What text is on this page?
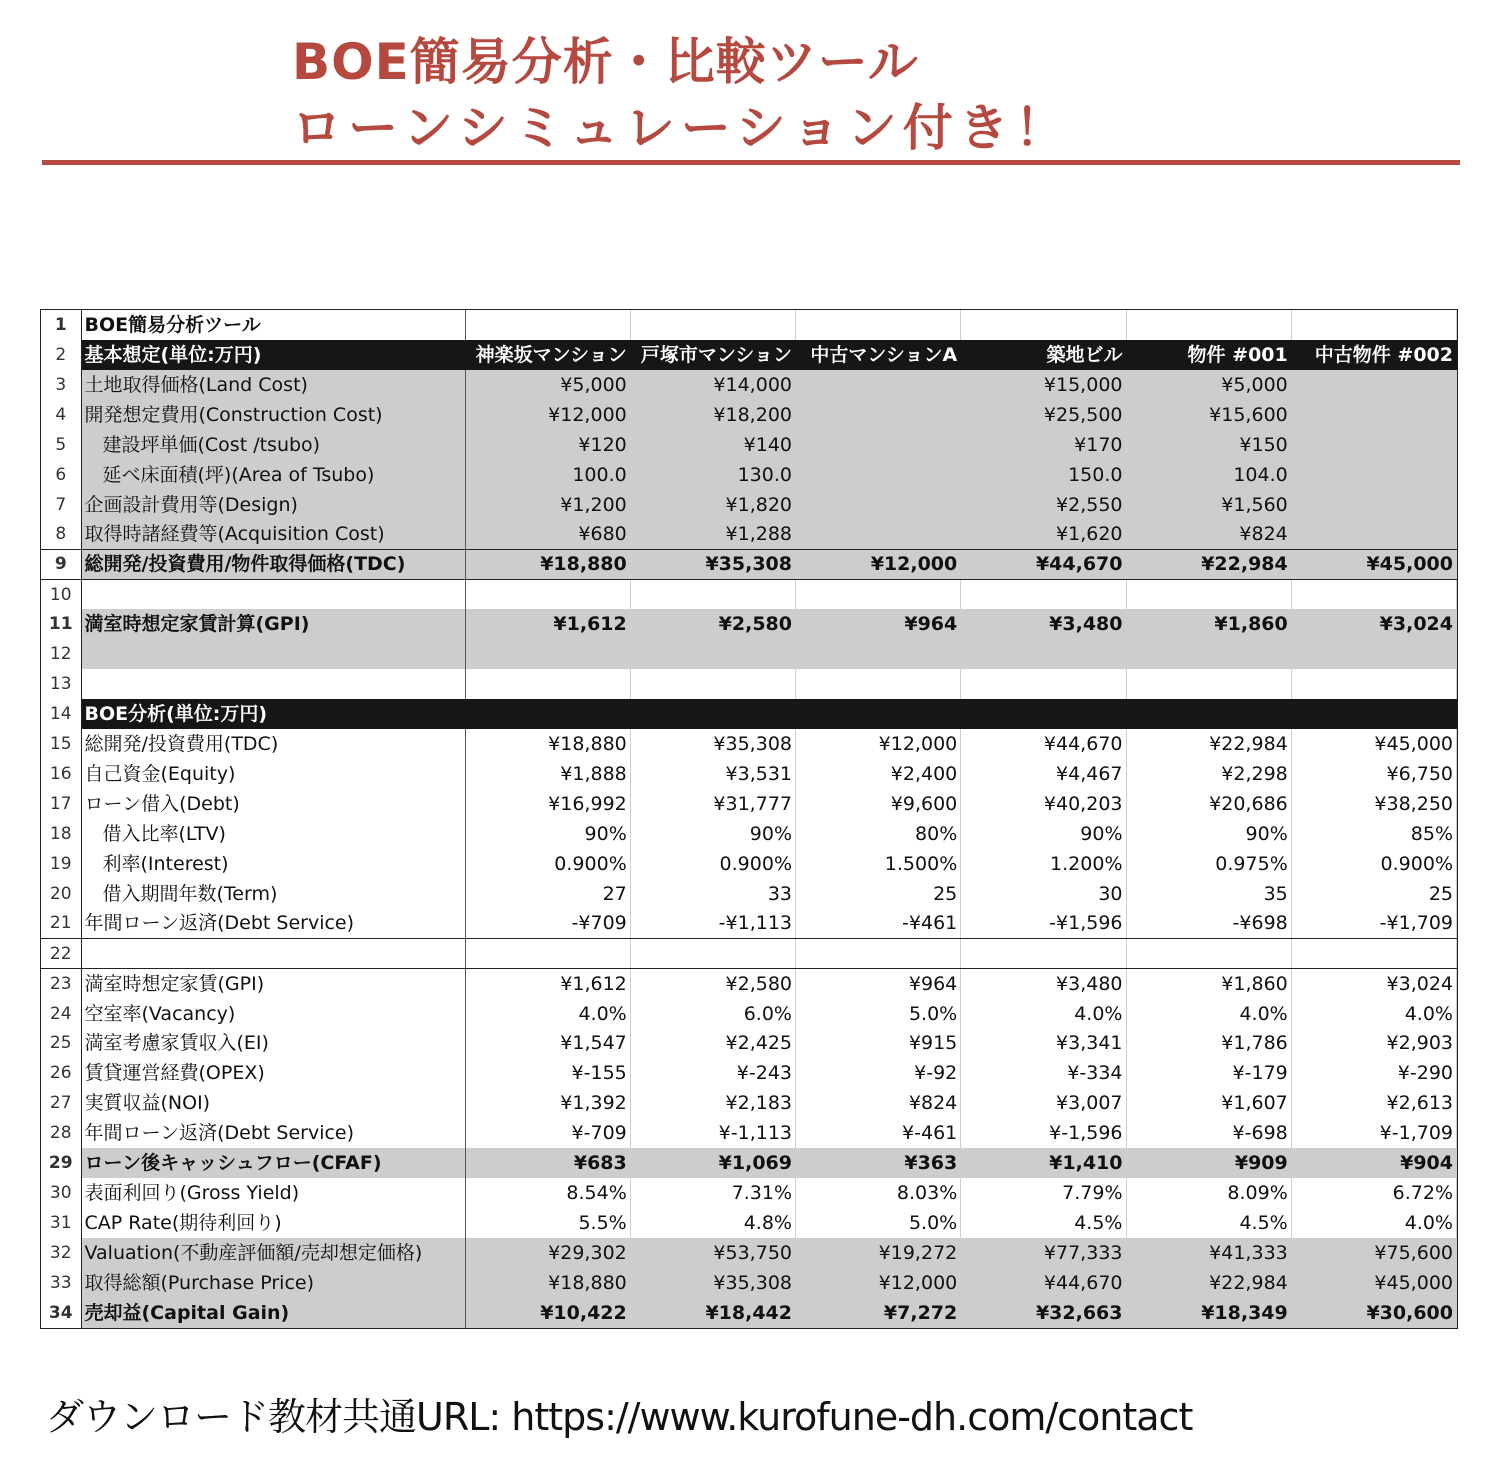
BOE簡易分析・比較ツール
ローンシミュレーション付き！
1	BOE簡易分析ツール						
2	基本想定(単位:万円)	神楽坂マンション	戸塚市マンション	中古マンションA	築地ビル	物件 #001	中古物件 #002
3	土地取得価格(Land Cost)	¥5,000	¥14,000		¥15,000	¥5,000	
4	開発想定費用(Construction Cost)	¥12,000	¥18,200		¥25,500	¥15,600	
5	建設坪単価(Cost /tsubo)	¥120	¥140		¥170	¥150	
6	延べ床面積(坪)(Area of Tsubo)	100.0	130.0		150.0	104.0	
7	企画設計費用等(Design)	¥1,200	¥1,820		¥2,550	¥1,560	
8	取得時諸経費等(Acquisition Cost)	¥680	¥1,288		¥1,620	¥824	
9	総開発/投資費用/物件取得価格(TDC)	¥18,880	¥35,308	¥12,000	¥44,670	¥22,984	¥45,000
10							
11	満室時想定家賃計算(GPI)	¥1,612	¥2,580	¥964	¥3,480	¥1,860	¥3,024
12							
13							
14	BOE分析(単位:万円)						
15	総開発/投資費用(TDC)	¥18,880	¥35,308	¥12,000	¥44,670	¥22,984	¥45,000
16	自己資金(Equity)	¥1,888	¥3,531	¥2,400	¥4,467	¥2,298	¥6,750
17	ローン借入(Debt)	¥16,992	¥31,777	¥9,600	¥40,203	¥20,686	¥38,250
18	借入比率(LTV)	90%	90%	80%	90%	90%	85%
19	利率(Interest)	0.900%	0.900%	1.500%	1.200%	0.975%	0.900%
20	借入期間年数(Term)	27	33	25	30	35	25
21	年間ローン返済(Debt Service)	-¥709	-¥1,113	-¥461	-¥1,596	-¥698	-¥1,709
22							
23	満室時想定家賃(GPI)	¥1,612	¥2,580	¥964	¥3,480	¥1,860	¥3,024
24	空室率(Vacancy)	4.0%	6.0%	5.0%	4.0%	4.0%	4.0%
25	満室考慮家賃収入(EI)	¥1,547	¥2,425	¥915	¥3,341	¥1,786	¥2,903
26	賃貸運営経費(OPEX)	¥-155	¥-243	¥-92	¥-334	¥-179	¥-290
27	実質収益(NOI)	¥1,392	¥2,183	¥824	¥3,007	¥1,607	¥2,613
28	年間ローン返済(Debt Service)	¥-709	¥-1,113	¥-461	¥-1,596	¥-698	¥-1,709
29	ローン後キャッシュフロー(CFAF)	¥683	¥1,069	¥363	¥1,410	¥909	¥904
30	表面利回り(Gross Yield)	8.54%	7.31%	8.03%	7.79%	8.09%	6.72%
31	CAP Rate(期待利回り)	5.5%	4.8%	5.0%	4.5%	4.5%	4.0%
32	Valuation(不動産評価額/売却想定価格)	¥29,302	¥53,750	¥19,272	¥77,333	¥41,333	¥75,600
33	取得総額(Purchase Price)	¥18,880	¥35,308	¥12,000	¥44,670	¥22,984	¥45,000
34	売却益(Capital Gain)	¥10,422	¥18,442	¥7,272	¥32,663	¥18,349	¥30,600
ダウンロード教材共通URL: https://www.kurofune-dh.com/contact
